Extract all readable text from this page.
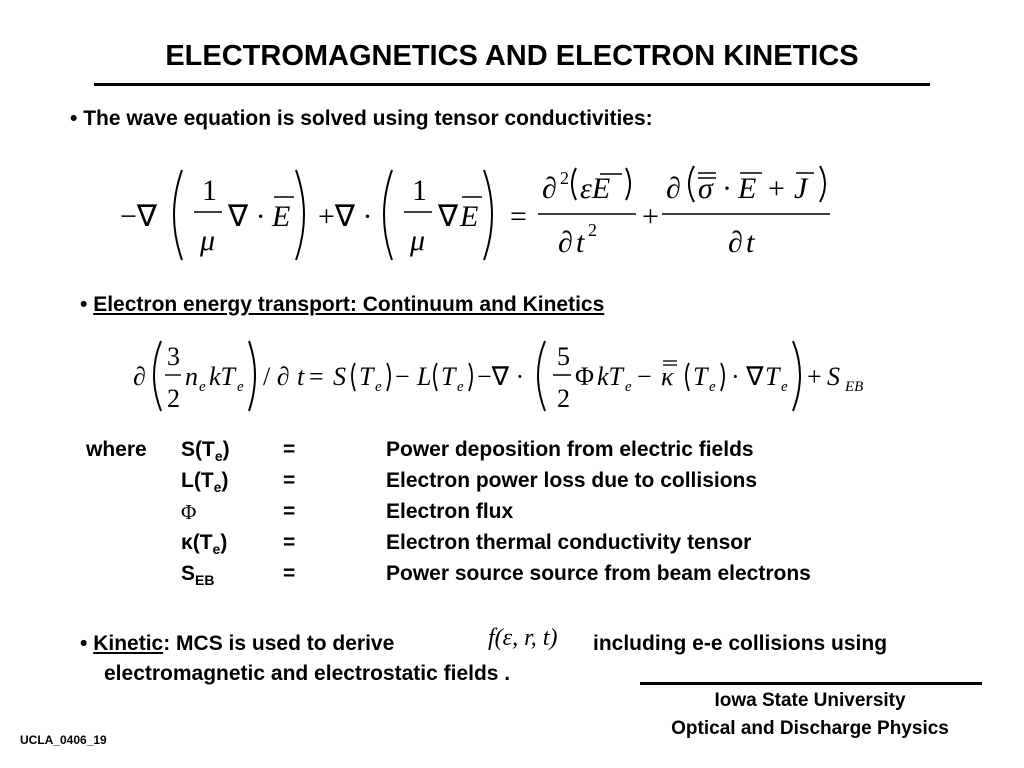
ELECTROMAGNETICS AND ELECTRON KINETICS
• The wave equation is solved using tensor conductivities:
−∇
1
μ
∇ · E +∇ ·
1
μ
∇ E =
∂ 2 εE
∂ t 2 +
∂ σ · E + J
∂ t
• Electron energy transport: Continuum and Kinetics
∂
3
2
n e kT e / ∂ t = S T e − L T e −∇ ·
5
2
Φ kT e − κ T e · ∇ T e + S EB
where $S(T_e)$	=	Power deposition from electric fields
$L(T_e)$	=	Electron power loss due to collisions
Φ	=	Electron flux
$\kappa(T_e)$	=	Electron thermal conductivity tensor
$S_{EB}$	=	Power source source from beam electrons
• Kinetic: MCS is used to derive	f(ε, r, t) including e-e collisions using
electromagnetic and electrostatic fields .
Iowa State University
Optical and Discharge Physics
UCLA_0406_19
